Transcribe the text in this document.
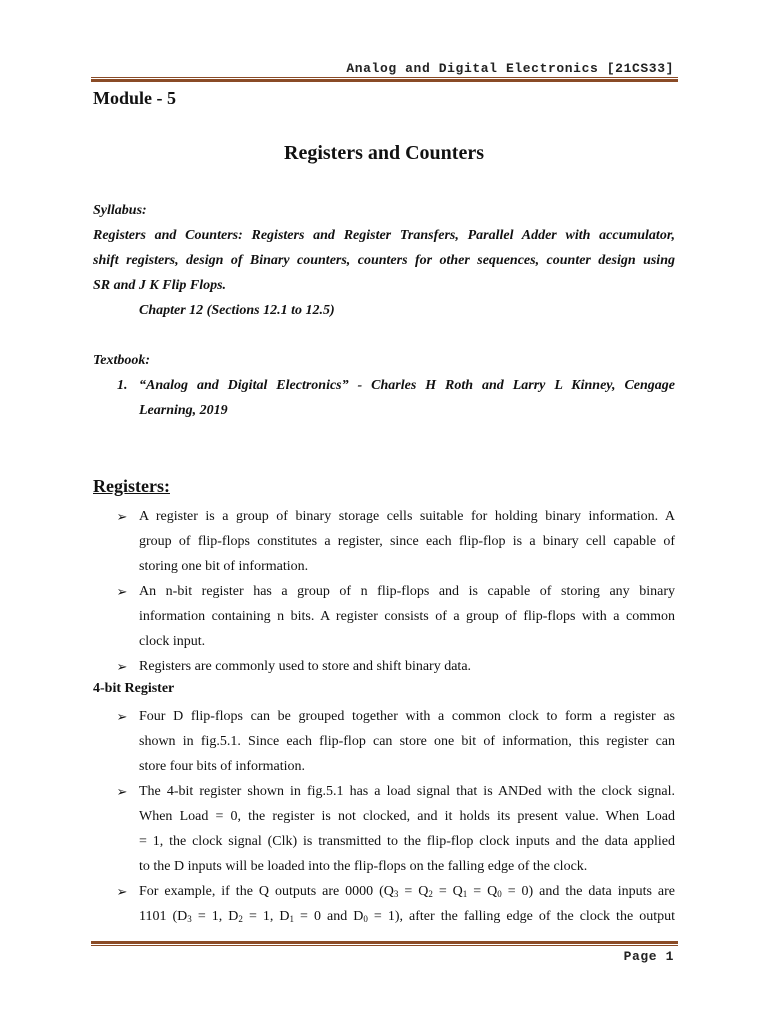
Analog and Digital Electronics [21CS33]
Module - 5
Registers and Counters
Syllabus:
Registers and Counters: Registers and Register Transfers, Parallel Adder with accumulator,
shift registers, design of Binary counters, counters for other sequences, counter design using
SR and J K Flip Flops.
Chapter 12 (Sections 12.1 to 12.5)
Textbook:
1. “Analog and Digital Electronics” - Charles H Roth and Larry L Kinney, Cengage
Learning, 2019
Registers:
➢ A register is a group of binary storage cells suitable for holding binary information. A
group of flip-flops constitutes a register, since each flip-flop is a binary cell capable of
storing one bit of information.
➢ An n-bit register has a group of n flip-flops and is capable of storing any binary
information containing n bits. A register consists of a group of flip-flops with a common
clock input.
➢ Registers are commonly used to store and shift binary data.
4-bit Register
➢ Four D flip-flops can be grouped together with a common clock to form a register as
shown in fig.5.1. Since each flip-flop can store one bit of information, this register can
store four bits of information.
➢ The 4-bit register shown in fig.5.1 has a load signal that is ANDed with the clock signal.
When Load = 0, the register is not clocked, and it holds its present value. When Load
= 1, the clock signal (Clk) is transmitted to the flip-flop clock inputs and the data applied
to the D inputs will be loaded into the flip-flops on the falling edge of the clock.
➢ For example, if the Q outputs are 0000 $(Q_3 = Q_2 = Q_1 = Q_0 = 0)$ and the data inputs are
1101 ($D_3 = 1$, $D_2 = 1$, $D_1 = 0$ and $D_0 = 1$), after the falling edge of the clock the output
Page 1
